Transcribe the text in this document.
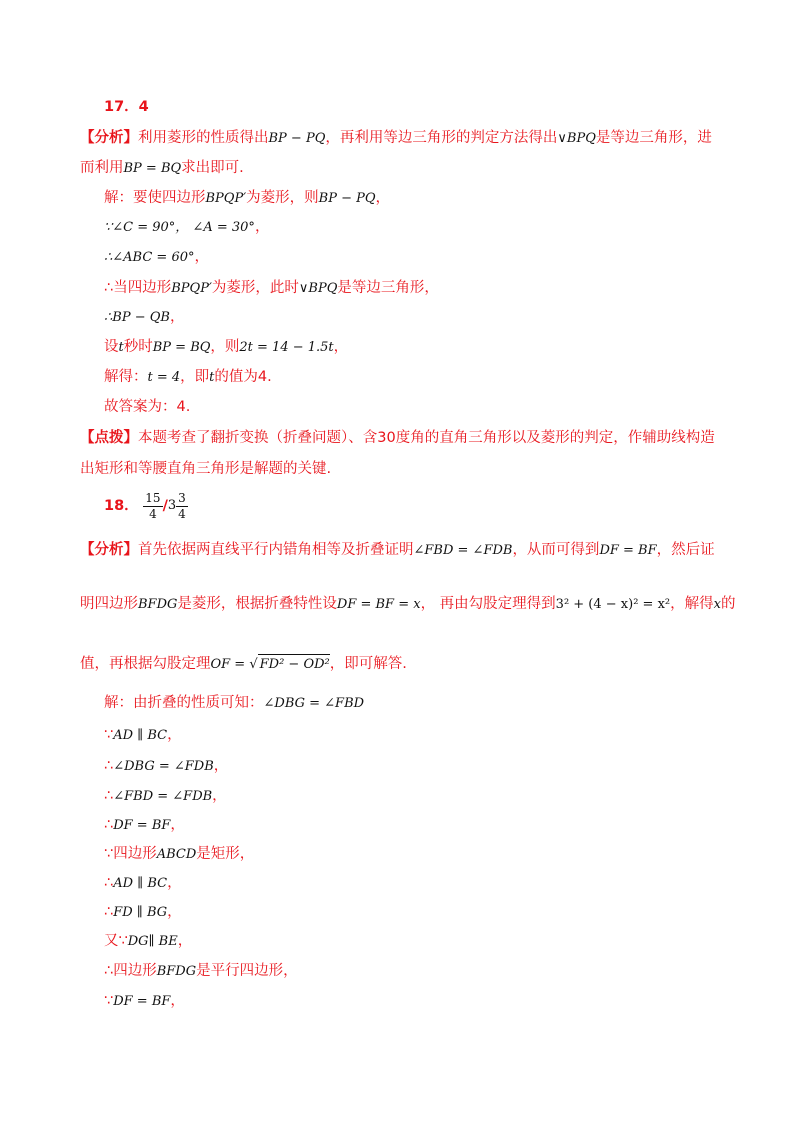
17．4
【分析】利用菱形的性质得出BP − PQ，再利用等边三角形的判定方法得出∨BPQ是等边三角形，进
而利用BP = BQ求出即可.
解：要使四边形BPQP′为菱形，则BP − PQ，
∵∠C = 90°， ∠A = 30°，
∴∠ABC = 60°，
∴当四边形BPQP′为菱形，此时∨BPQ是等边三角形，
∴BP − QB，
设t秒时BP = BQ，则2t = 14 − 1.5t，
解得：t = 4，即t的值为4.
故答案为：4.
【点拨】本题考查了翻折变换（折叠问题）、含30度角的直角三角形以及菱形的判定，作辅助线构造
出矩形和等腰直角三角形是解题的关键.
18． $\frac{15}{4} /3 \frac{3}{4}$
【分析】首先依据两直线平行内错角相等及折叠证明∠FBD = ∠FDB，从而可得到DF = BF，然后证
明四边形BFDG是菱形，根据折叠特性设DF = BF = x， 再由勾股定理得到3² + (4 − x)² = x²，解得x的
值，再根据勾股定理OF = √ FD² − OD²，即可解答.
解：由折叠的性质可知：∠DBG = ∠FBD
∵AD ∥ BC，
∴∠DBG = ∠FDB，
∴∠FBD = ∠FDB，
∴DF = BF，
∵四边形ABCD是矩形，
∴AD ∥ BC，
∴FD ∥ BG，
又∵DG∥ BE，
∴四边形BFDG是平行四边形，
∵DF = BF，
